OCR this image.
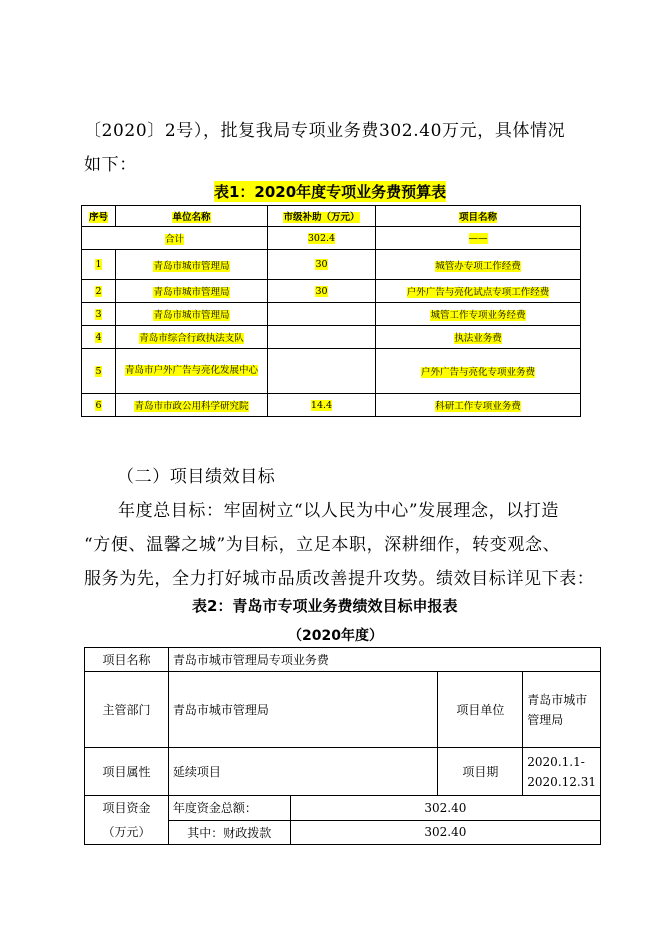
〔2020〕2号），批复我局专项业务费302.40万元，具体情况
如下：
表1：2020年度专项业务费预算表
序号	单位名称	市级补助（万元）	项目名称
合计		302.4	——
1	青岛市城市管理局	30	城管办专项工作经费
2	青岛市城市管理局	30	户外广告与亮化试点专项工作经费
3	青岛市城市管理局		城管工作专项业务经费
4	青岛市综合行政执法支队		执法业务费
5	青岛市户外广告与亮化发展中心		户外广告与亮化专项业务费
6	青岛市市政公用科学研究院	14.4	科研工作专项业务费
（二）项目绩效目标
年度总目标：牢固树立“以人民为中心”发展理念，以打造
“方便、温馨之城”为目标，立足本职，深耕细作，转变观念、
服务为先，全力打好城市品质改善提升攻势。绩效目标详见下表：
表2：青岛市专项业务费绩效目标申报表
（2020年度）
项目名称	青岛市城市管理局专项业务费			
主管部门	青岛市城市管理局		项目单位	青岛市城市
管理局

项目属性	延续项目		项目期	2020.1.1-
2020.12.31

项目资金
（万元）	年度资金总额：	302.40		
	其中：财政拨款	302.40		
